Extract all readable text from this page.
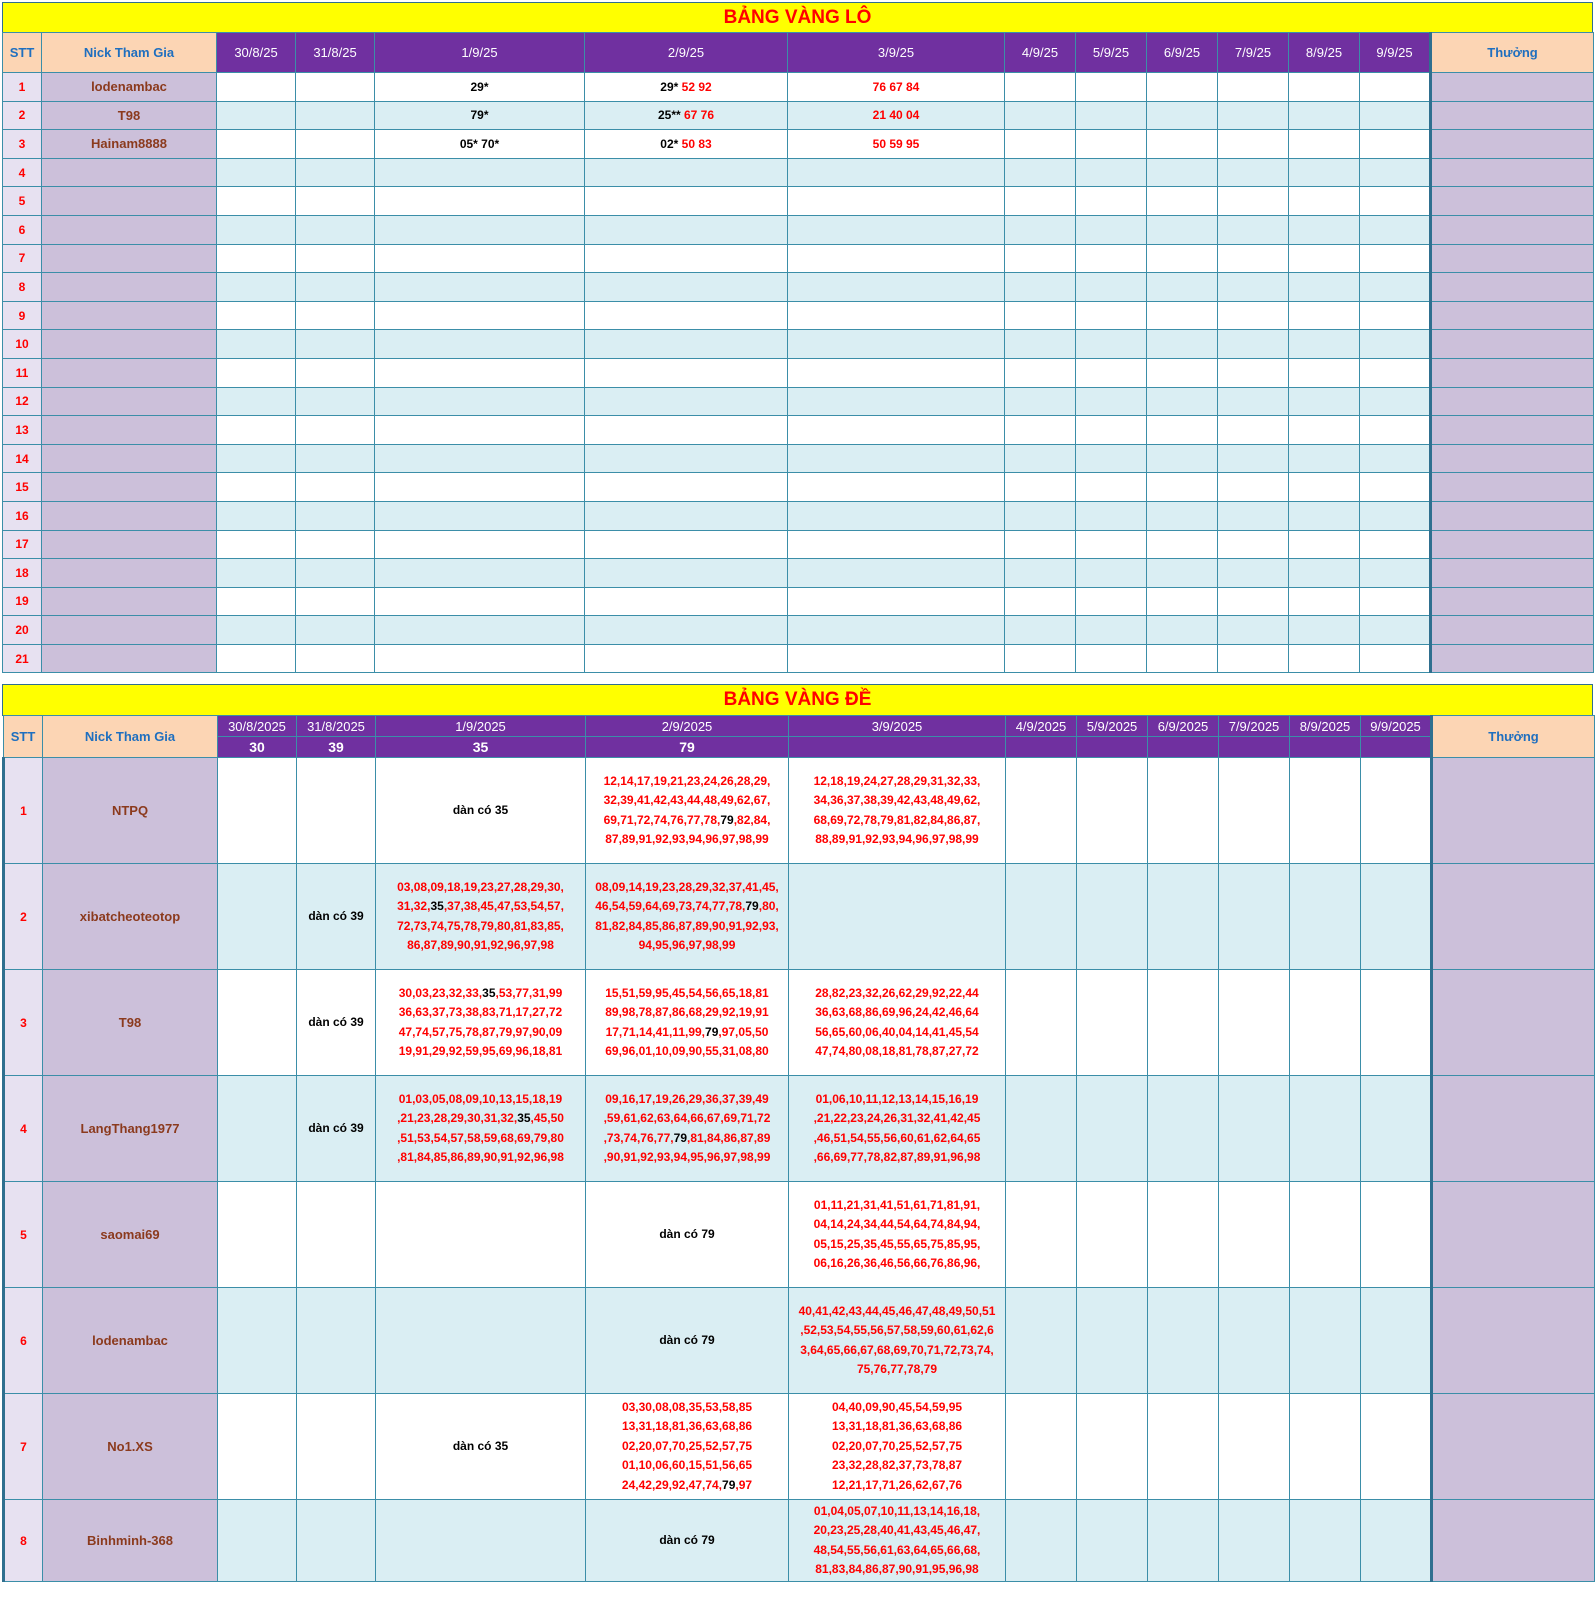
BẢNG VÀNG LÔ
STT	Nick Tham Gia	30/8/25	31/8/25	1/9/25	2/9/25	3/9/25	4/9/25	5/9/25	6/9/25	7/9/25	8/9/25	9/9/25	Thưởng
1	lodenambac			29*	29* 52 92	76 67 84							
2	T98			79*	25** 67 76	21 40 04							
3	Hainam8888			05* 70*	02* 50 83	50 59 95							
4													
5													
6													
7													
8													
9													
10													
11													
12													
13													
14													
15													
16													
17													
18													
19													
20													
21													
BẢNG VÀNG ĐỀ
STT	Nick Tham Gia	30/8/2025	31/8/2025	1/9/2025	2/9/2025	3/9/2025	4/9/2025	5/9/2025	6/9/2025	7/9/2025	8/9/2025	9/9/2025	Thưởng
		30	39	35	79								
1	NTPQ			dàn có 35	12,14,17,19,21,23,24,26,28,29,
32,39,41,42,43,44,48,49,62,67,
69,71,72,74,76,77,78,79,82,84,
87,89,91,92,93,94,96,97,98,99	12,18,19,24,27,28,29,31,32,33,
34,36,37,38,39,42,43,48,49,62,
68,69,72,78,79,81,82,84,86,87,
88,89,91,92,93,94,96,97,98,99							
2	xibatcheoteotop		dàn có 39	03,08,09,18,19,23,27,28,29,30,
31,32,35,37,38,45,47,53,54,57,
72,73,74,75,78,79,80,81,83,85,
86,87,89,90,91,92,96,97,98	08,09,14,19,23,28,29,32,37,41,45,
46,54,59,64,69,73,74,77,78,79,80,
81,82,84,85,86,87,89,90,91,92,93,
94,95,96,97,98,99								
3	T98		dàn có 39	30,03,23,32,33,35,53,77,31,99
36,63,37,73,38,83,71,17,27,72
47,74,57,75,78,87,79,97,90,09
19,91,29,92,59,95,69,96,18,81	15,51,59,95,45,54,56,65,18,81
89,98,78,87,86,68,29,92,19,91
17,71,14,41,11,99,79,97,05,50
69,96,01,10,09,90,55,31,08,80	28,82,23,32,26,62,29,92,22,44
36,63,68,86,69,96,24,42,46,64
56,65,60,06,40,04,14,41,45,54
47,74,80,08,18,81,78,87,27,72							
4	LangThang1977		dàn có 39	01,03,05,08,09,10,13,15,18,19
,21,23,28,29,30,31,32,35,45,50
,51,53,54,57,58,59,68,69,79,80
,81,84,85,86,89,90,91,92,96,98	09,16,17,19,26,29,36,37,39,49
,59,61,62,63,64,66,67,69,71,72
,73,74,76,77,79,81,84,86,87,89
,90,91,92,93,94,95,96,97,98,99	01,06,10,11,12,13,14,15,16,19
,21,22,23,24,26,31,32,41,42,45
,46,51,54,55,56,60,61,62,64,65
,66,69,77,78,82,87,89,91,96,98							
5	saomai69				dàn có 79	01,11,21,31,41,51,61,71,81,91,
04,14,24,34,44,54,64,74,84,94,
05,15,25,35,45,55,65,75,85,95,
06,16,26,36,46,56,66,76,86,96,							
6	lodenambac				dàn có 79	40,41,42,43,44,45,46,47,48,49,50,51
,52,53,54,55,56,57,58,59,60,61,62,6
3,64,65,66,67,68,69,70,71,72,73,74,
75,76,77,78,79							
7	No1.XS			dàn có 35	03,30,08,08,35,53,58,85
13,31,18,81,36,63,68,86
02,20,07,70,25,52,57,75
01,10,06,60,15,51,56,65
24,42,29,92,47,74,79,97	04,40,09,90,45,54,59,95
13,31,18,81,36,63,68,86
02,20,07,70,25,52,57,75
23,32,28,82,37,73,78,87
12,21,17,71,26,62,67,76							
8	Binhminh-368				dàn có 79	01,04,05,07,10,11,13,14,16,18,
20,23,25,28,40,41,43,45,46,47,
48,54,55,56,61,63,64,65,66,68,
81,83,84,86,87,90,91,95,96,98							
